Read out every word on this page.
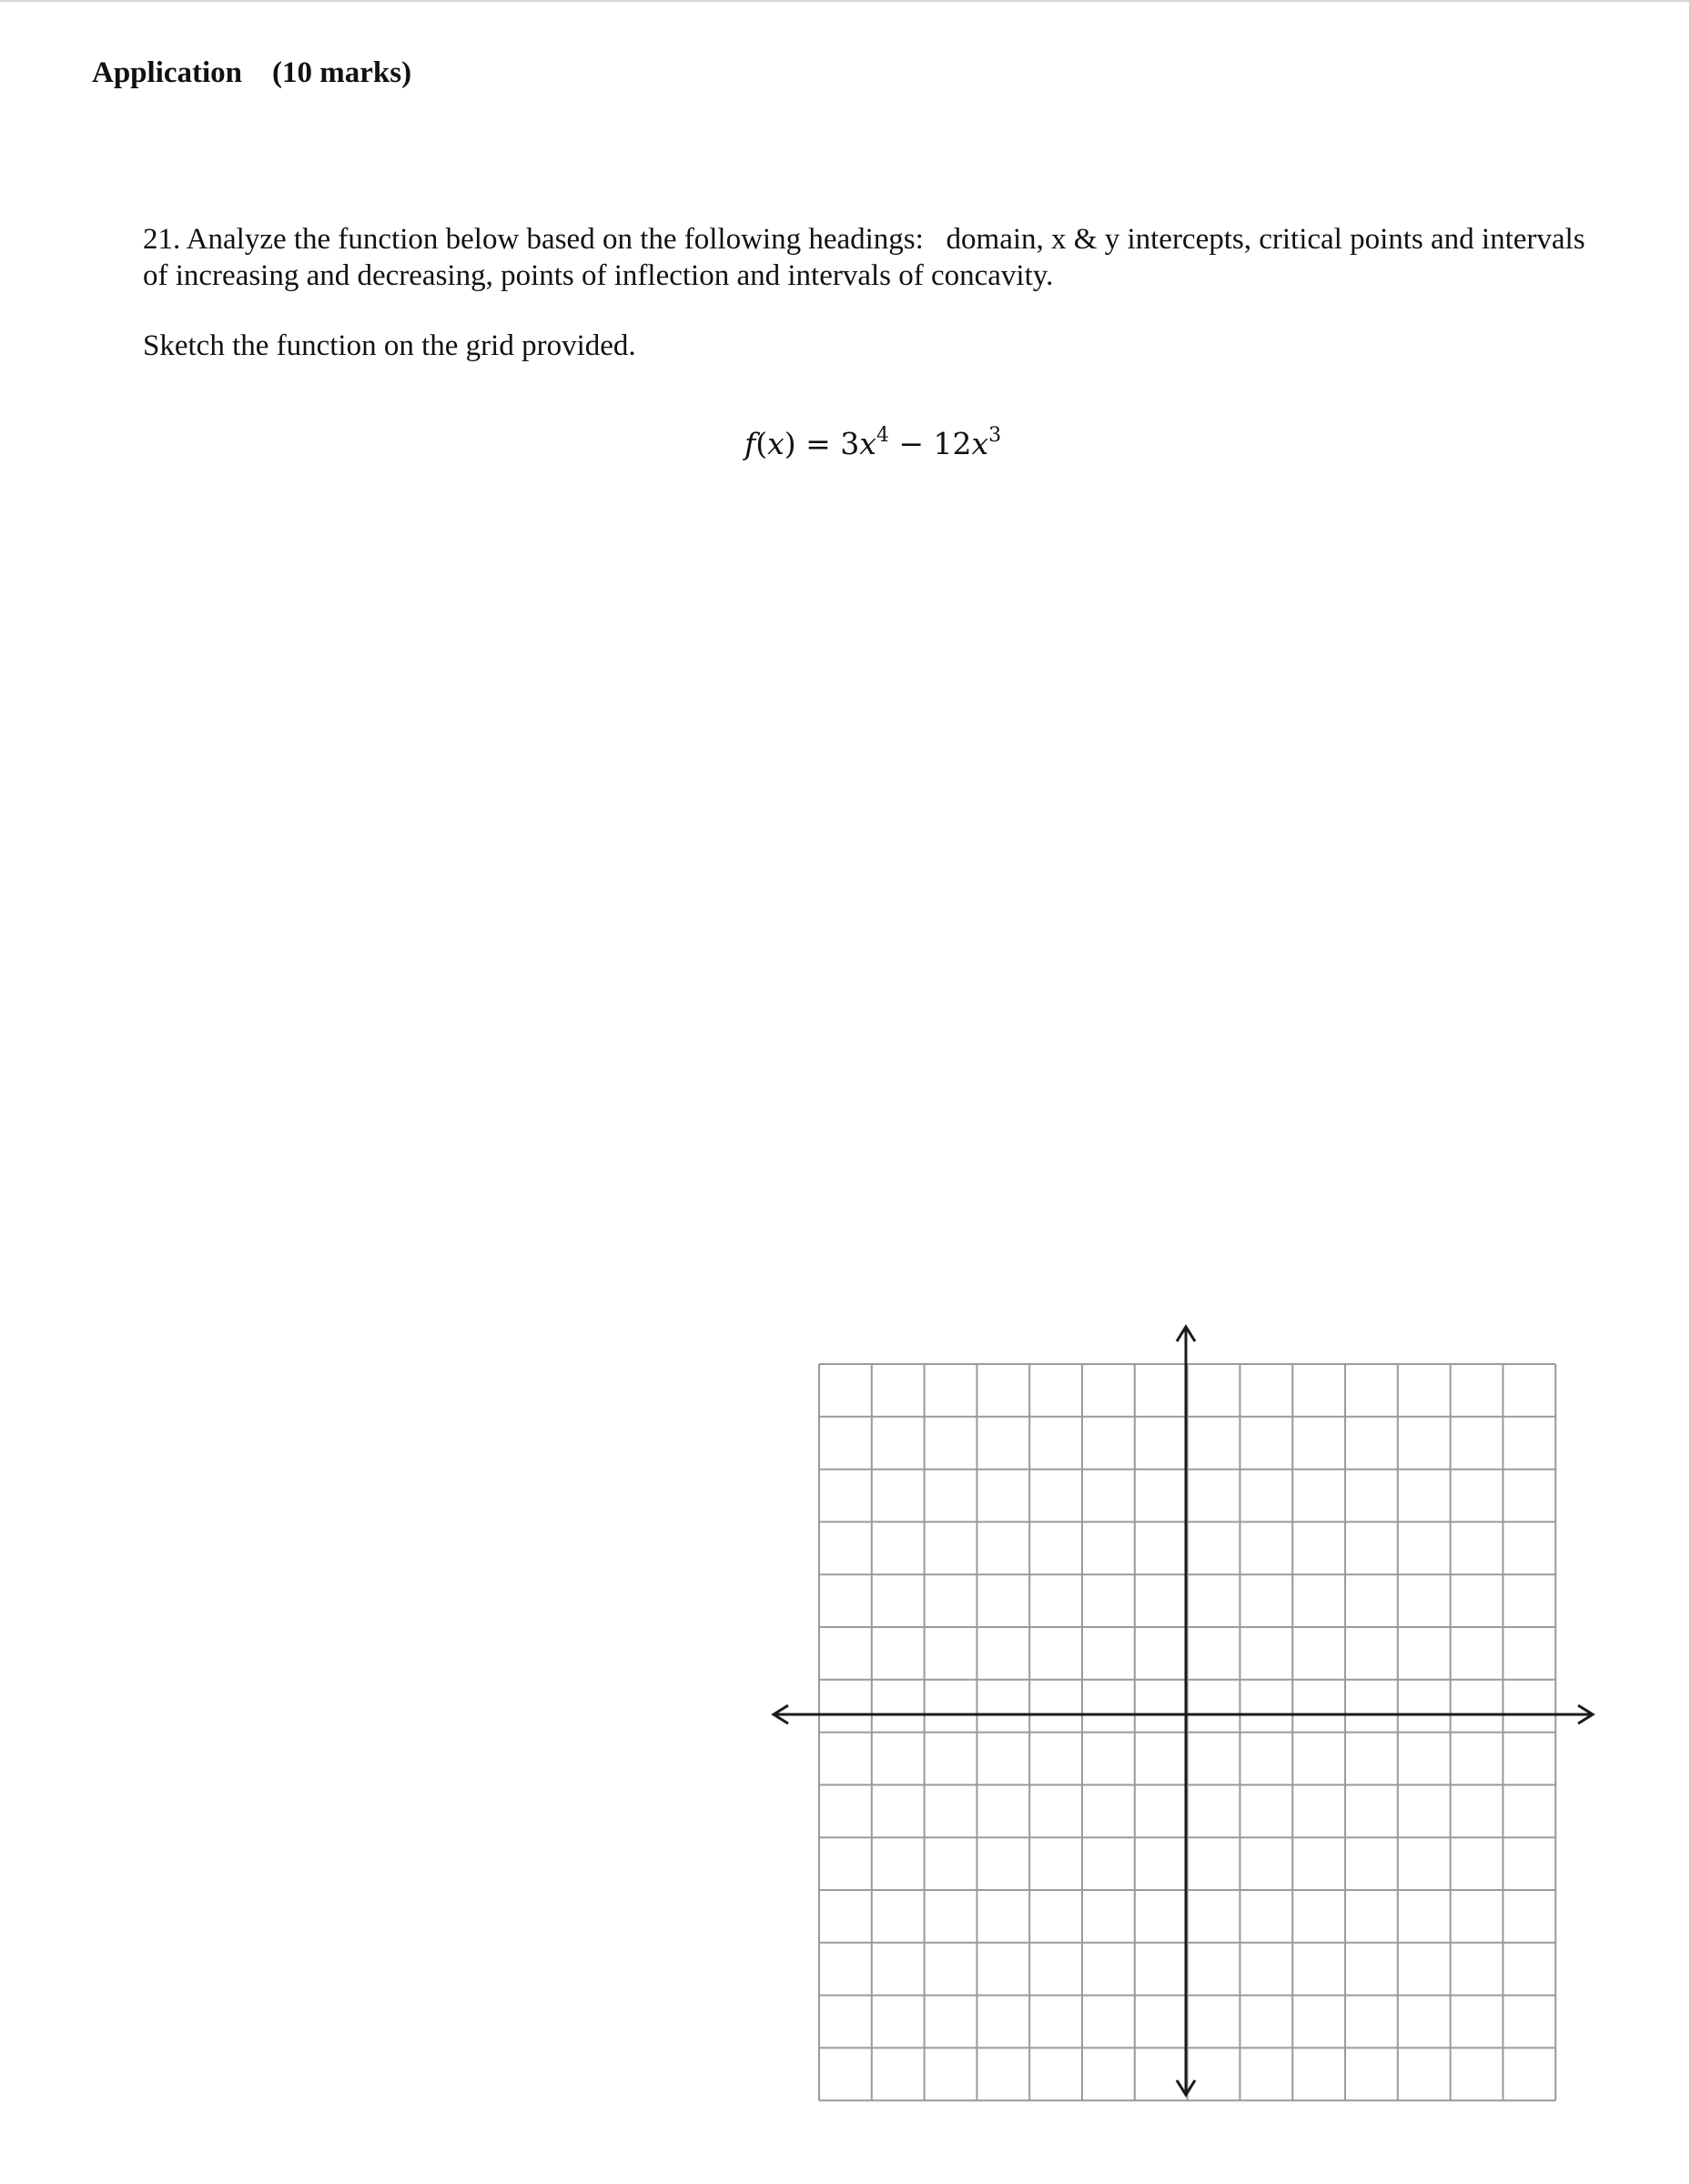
Application (10 marks)

21. Analyze the function below based on the following headings:   domain, x & y intercepts, critical points and intervals
of increasing and decreasing, points of inflection and intervals of concavity.

Sketch the function on the grid provided.

$f(x) = 3x^4 - 12x^3$
